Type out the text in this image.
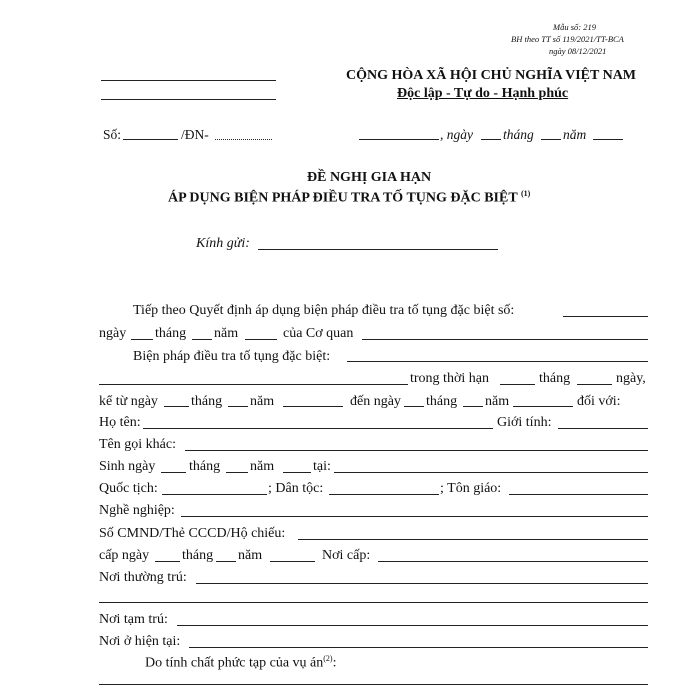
Mẫu số: 219
BH theo TT số 119/2021/TT-BCA
ngày 08/12/2021
CỘNG HÒA XÃ HỘI CHỦ NGHĨA VIỆT NAM
Độc lập - Tự do - Hạnh phúc
Số:	/ĐN-	, ngày tháng năm
ĐỀ NGHỊ GIA HẠN
ÁP DỤNG BIỆN PHÁP ĐIỀU TRA TỐ TỤNG ĐẶC BIỆT $^{(1)}$
Kính gửi:
Tiếp theo Quyết định áp dụng biện pháp điều tra tố tụng đặc biệt số:
ngày tháng năm	của Cơ quan
Biện pháp điều tra tố tụng đặc biệt:
trong thời hạn	tháng	ngày,
kể từ ngày tháng năm	đến ngày tháng năm	đối với:
Họ tên:	Giới tính:
Tên gọi khác:
Sinh ngày tháng năm	tại:
Quốc tịch:	; Dân tộc:	; Tôn giáo:
Nghề nghiệp:
Số CMND/Thẻ CCCD/Hộ chiếu:
cấp ngày tháng năm	Nơi cấp:
Nơi thường trú:
Nơi tạm trú:
Nơi ở hiện tại:
Do tính chất phức tạp của vụ $án^{(2)}$:
